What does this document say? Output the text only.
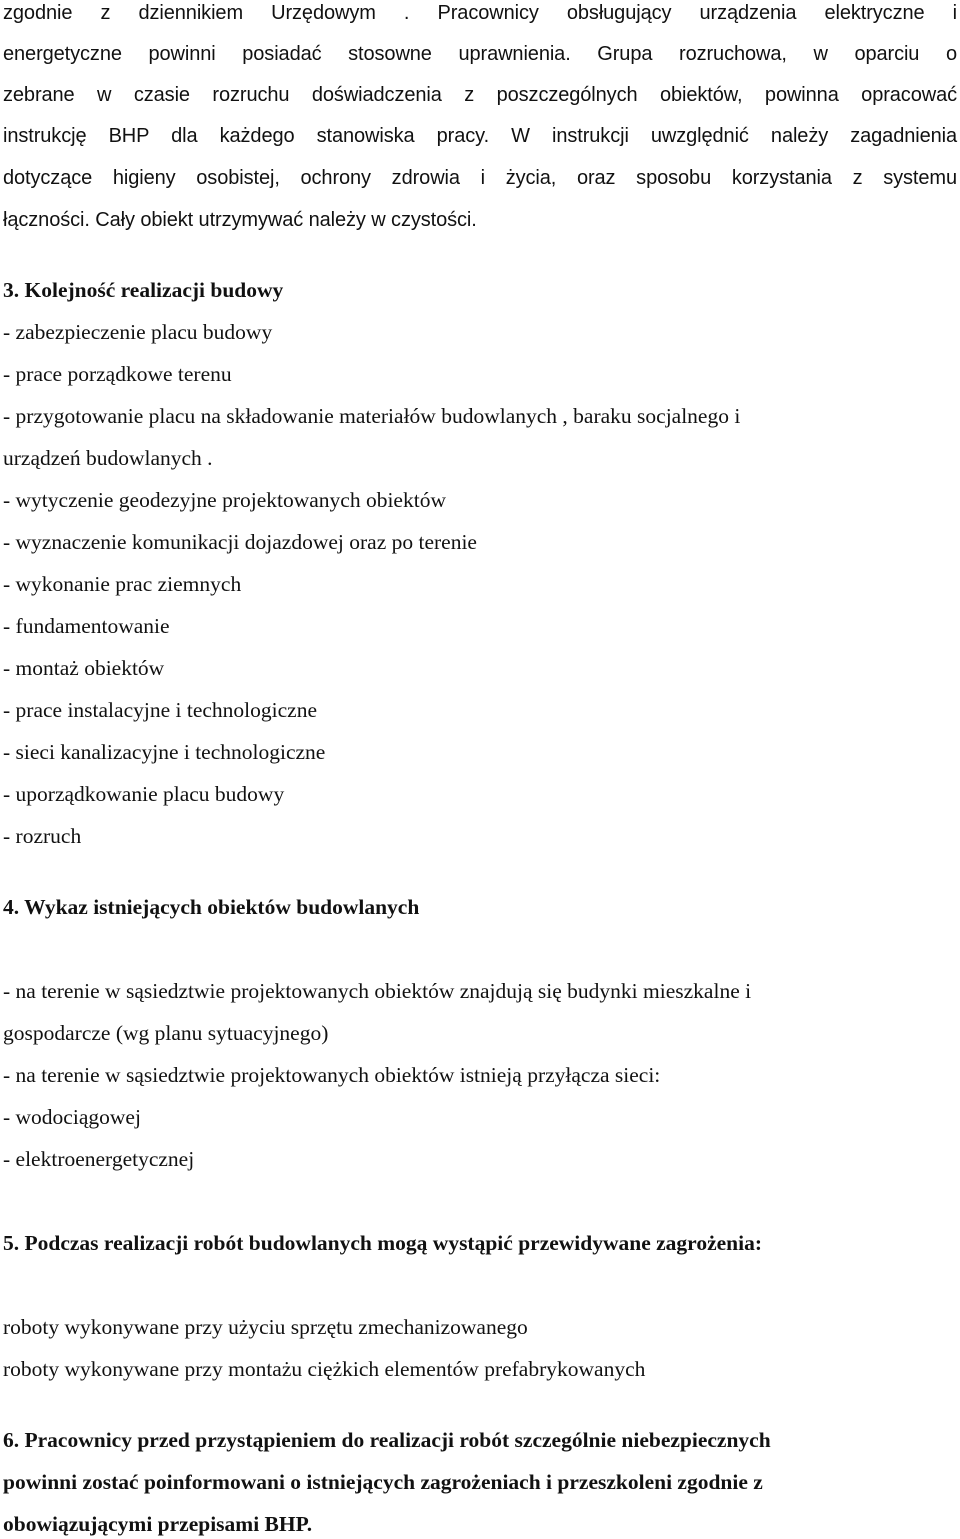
zgodnie z dziennikiem Urzędowym . Pracownicy obsługujący urządzenia elektryczne i
energetyczne powinni posiadać stosowne uprawnienia. Grupa rozruchowa, w oparciu o
zebrane w czasie rozruchu doświadczenia z poszczególnych obiektów, powinna opracować
instrukcję BHP dla każdego stanowiska pracy. W instrukcji uwzględnić należy zagadnienia
dotyczące higieny osobistej, ochrony zdrowia i życia, oraz sposobu korzystania z systemu
łączności. Cały obiekt utrzymywać należy w czystości.
3. Kolejność realizacji budowy
- zabezpieczenie placu budowy
- prace porządkowe terenu
- przygotowanie placu na składowanie materiałów budowlanych , baraku socjalnego i
urządzeń budowlanych .
- wytyczenie geodezyjne projektowanych obiektów
- wyznaczenie komunikacji dojazdowej oraz po terenie
- wykonanie prac ziemnych
- fundamentowanie
- montaż obiektów
- prace instalacyjne i technologiczne
- sieci kanalizacyjne i technologiczne
- uporządkowanie placu budowy
- rozruch
4. Wykaz istniejących obiektów budowlanych
- na terenie w sąsiedztwie projektowanych obiektów znajdują się budynki mieszkalne i
gospodarcze (wg planu sytuacyjnego)
- na terenie w sąsiedztwie projektowanych obiektów istnieją przyłącza sieci:
- wodociągowej
- elektroenergetycznej
5. Podczas realizacji robót budowlanych mogą wystąpić przewidywane zagrożenia:
roboty wykonywane przy użyciu sprzętu zmechanizowanego
roboty wykonywane przy montażu ciężkich elementów prefabrykowanych
6. Pracownicy przed przystąpieniem do realizacji robót szczególnie niebezpiecznych
powinni zostać poinformowani o istniejących zagrożeniach i przeszkoleni zgodnie z
obowiązującymi przepisami BHP.
